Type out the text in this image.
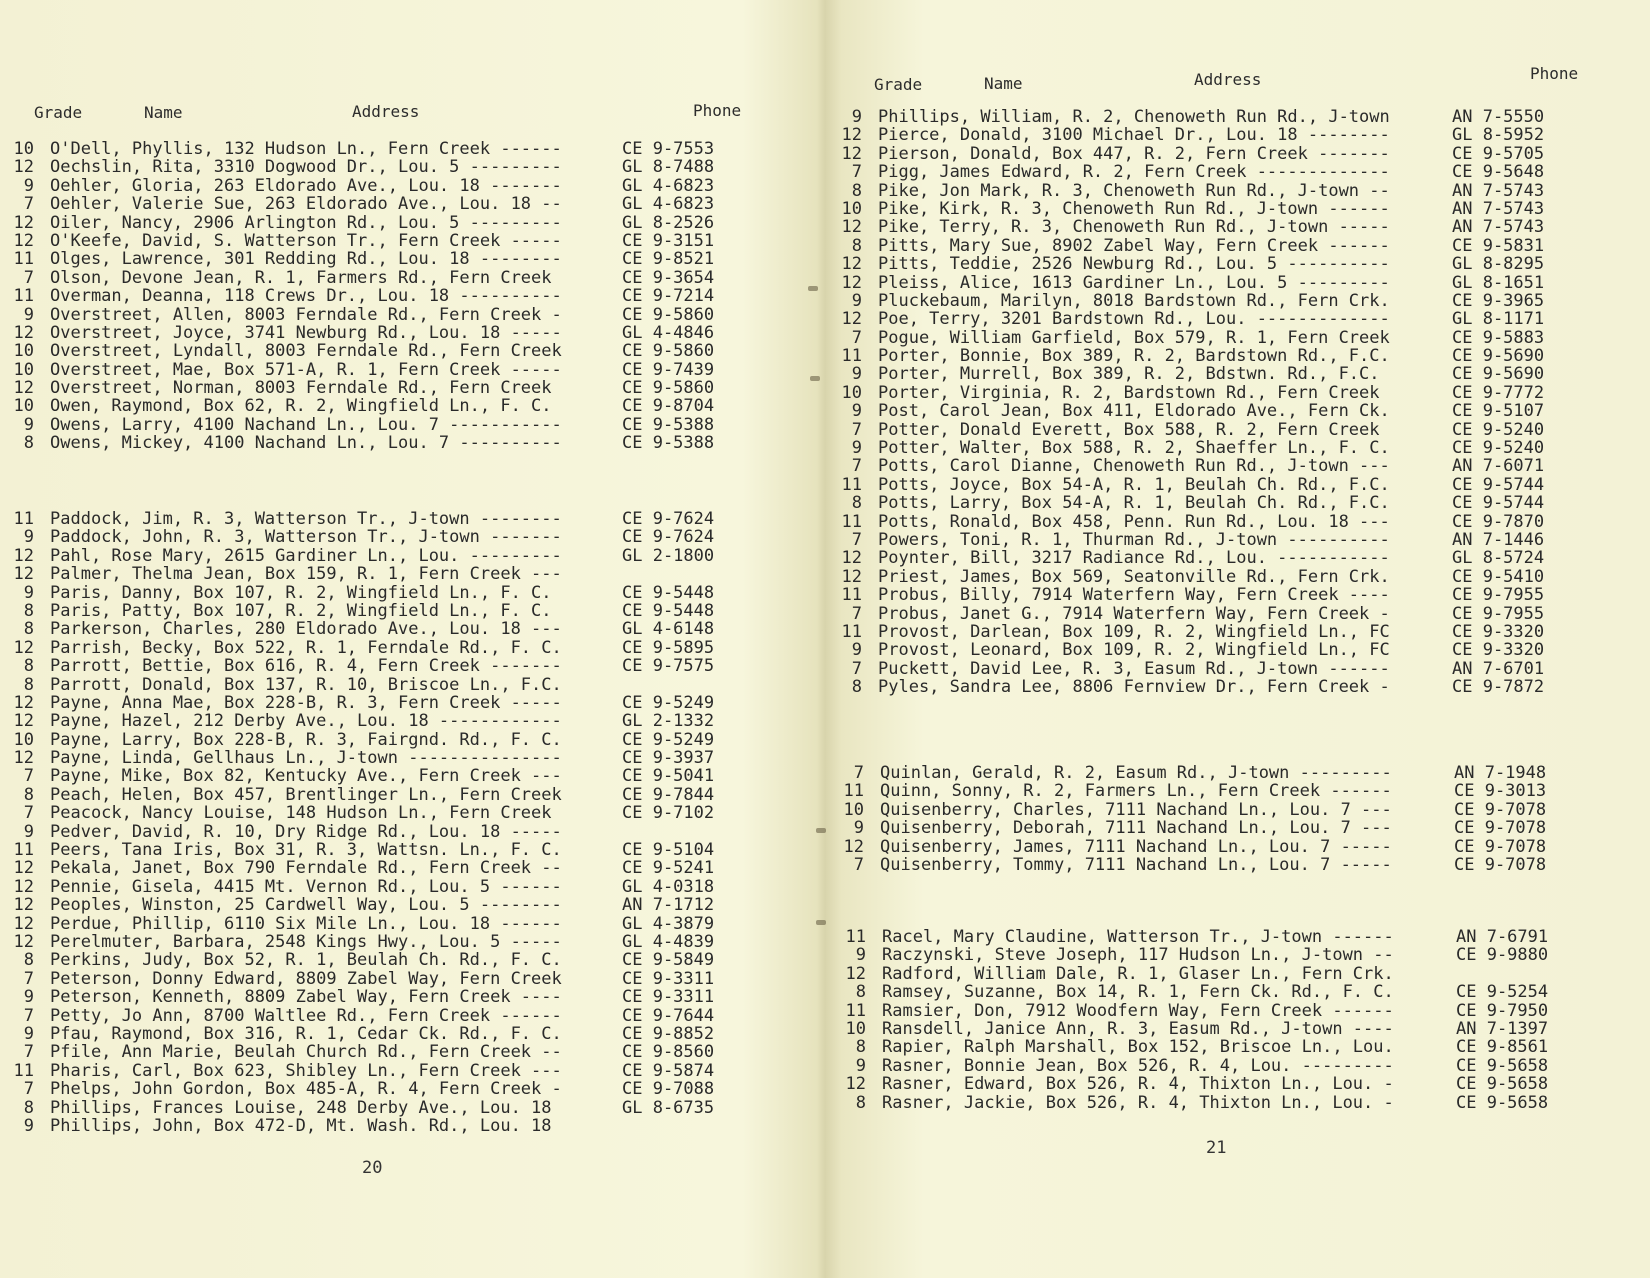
Grade	Name	Address	Phone
10 O'Dell, Phyllis, 132 Hudson Ln., Fern Creek ------	CE 9-7553
12 Oechslin, Rita, 3310 Dogwood Dr., Lou. 5 ---------	GL 8-7488
9 Oehler, Gloria, 263 Eldorado Ave., Lou. 18 -------	GL 4-6823
7 Oehler, Valerie Sue, 263 Eldorado Ave., Lou. 18 --	GL 4-6823
12 Oiler, Nancy, 2906 Arlington Rd., Lou. 5 ---------	GL 8-2526
12 O'Keefe, David, S. Watterson Tr., Fern Creek -----	CE 9-3151
11 Olges, Lawrence, 301 Redding Rd., Lou. 18 --------	CE 9-8521
7 Olson, Devone Jean, R. 1, Farmers Rd., Fern Creek	CE 9-3654
11 Overman, Deanna, 118 Crews Dr., Lou. 18 ----------	CE 9-7214
9 Overstreet, Allen, 8003 Ferndale Rd., Fern Creek -	CE 9-5860
12 Overstreet, Joyce, 3741 Newburg Rd., Lou. 18 -----	GL 4-4846
10 Overstreet, Lyndall, 8003 Ferndale Rd., Fern Creek	CE 9-5860
10 Overstreet, Mae, Box 571-A, R. 1, Fern Creek -----	CE 9-7439
12 Overstreet, Norman, 8003 Ferndale Rd., Fern Creek	CE 9-5860
10 Owen, Raymond, Box 62, R. 2, Wingfield Ln., F. C.	CE 9-8704
9 Owens, Larry, 4100 Nachand Ln., Lou. 7 -----------	CE 9-5388
8 Owens, Mickey, 4100 Nachand Ln., Lou. 7 ----------	CE 9-5388
11 Paddock, Jim, R. 3, Watterson Tr., J-town --------	CE 9-7624
9 Paddock, John, R. 3, Watterson Tr., J-town -------	CE 9-7624
12 Pahl, Rose Mary, 2615 Gardiner Ln., Lou. ---------	GL 2-1800
12 Palmer, Thelma Jean, Box 159, R. 1, Fern Creek ---
9 Paris, Danny, Box 107, R. 2, Wingfield Ln., F. C.	CE 9-5448
8 Paris, Patty, Box 107, R. 2, Wingfield Ln., F. C.	CE 9-5448
8 Parkerson, Charles, 280 Eldorado Ave., Lou. 18 ---	GL 4-6148
12 Parrish, Becky, Box 522, R. 1, Ferndale Rd., F. C.	CE 9-5895
8 Parrott, Bettie, Box 616, R. 4, Fern Creek -------	CE 9-7575
8 Parrott, Donald, Box 137, R. 10, Briscoe Ln., F.C.
12 Payne, Anna Mae, Box 228-B, R. 3, Fern Creek -----	CE 9-5249
12 Payne, Hazel, 212 Derby Ave., Lou. 18 ------------	GL 2-1332
10 Payne, Larry, Box 228-B, R. 3, Fairgnd. Rd., F. C.	CE 9-5249
12 Payne, Linda, Gellhaus Ln., J-town ---------------	CE 9-3937
7 Payne, Mike, Box 82, Kentucky Ave., Fern Creek ---	CE 9-5041
8 Peach, Helen, Box 457, Brentlinger Ln., Fern Creek	CE 9-7844
7 Peacock, Nancy Louise, 148 Hudson Ln., Fern Creek	CE 9-7102
9 Pedver, David, R. 10, Dry Ridge Rd., Lou. 18 -----
11 Peers, Tana Iris, Box 31, R. 3, Wattsn. Ln., F. C.	CE 9-5104
12 Pekala, Janet, Box 790 Ferndale Rd., Fern Creek --	CE 9-5241
12 Pennie, Gisela, 4415 Mt. Vernon Rd., Lou. 5 ------	GL 4-0318
12 Peoples, Winston, 25 Cardwell Way, Lou. 5 --------	AN 7-1712
12 Perdue, Phillip, 6110 Six Mile Ln., Lou. 18 ------	GL 4-3879
12 Perelmuter, Barbara, 2548 Kings Hwy., Lou. 5 -----	GL 4-4839
8 Perkins, Judy, Box 52, R. 1, Beulah Ch. Rd., F. C.	CE 9-5849
7 Peterson, Donny Edward, 8809 Zabel Way, Fern Creek	CE 9-3311
9 Peterson, Kenneth, 8809 Zabel Way, Fern Creek ----	CE 9-3311
7 Petty, Jo Ann, 8700 Waltlee Rd., Fern Creek ------	CE 9-7644
9 Pfau, Raymond, Box 316, R. 1, Cedar Ck. Rd., F. C.	CE 9-8852
7 Pfile, Ann Marie, Beulah Church Rd., Fern Creek --	CE 9-8560
11 Pharis, Carl, Box 623, Shibley Ln., Fern Creek ---	CE 9-5874
7 Phelps, John Gordon, Box 485-A, R. 4, Fern Creek -	CE 9-7088
8 Phillips, Frances Louise, 248 Derby Ave., Lou. 18	GL 8-6735
9 Phillips, John, Box 472-D, Mt. Wash. Rd., Lou. 18
20
Grade	Name	Address	Phone
9 Phillips, William, R. 2, Chenoweth Run Rd., J-town	AN 7-5550
12 Pierce, Donald, 3100 Michael Dr., Lou. 18 --------	GL 8-5952
12 Pierson, Donald, Box 447, R. 2, Fern Creek -------	CE 9-5705
7 Pigg, James Edward, R. 2, Fern Creek -------------	CE 9-5648
8 Pike, Jon Mark, R. 3, Chenoweth Run Rd., J-town --	AN 7-5743
10 Pike, Kirk, R. 3, Chenoweth Run Rd., J-town ------	AN 7-5743
12 Pike, Terry, R. 3, Chenoweth Run Rd., J-town -----	AN 7-5743
8 Pitts, Mary Sue, 8902 Zabel Way, Fern Creek ------	CE 9-5831
12 Pitts, Teddie, 2526 Newburg Rd., Lou. 5 ----------	GL 8-8295
12 Pleiss, Alice, 1613 Gardiner Ln., Lou. 5 ---------	GL 8-1651
9 Pluckebaum, Marilyn, 8018 Bardstown Rd., Fern Crk.	CE 9-3965
12 Poe, Terry, 3201 Bardstown Rd., Lou. -------------	GL 8-1171
7 Pogue, William Garfield, Box 579, R. 1, Fern Creek	CE 9-5883
11 Porter, Bonnie, Box 389, R. 2, Bardstown Rd., F.C.	CE 9-5690
9 Porter, Murrell, Box 389, R. 2, Bdstwn. Rd., F.C.	CE 9-5690
10 Porter, Virginia, R. 2, Bardstown Rd., Fern Creek	CE 9-7772
9 Post, Carol Jean, Box 411, Eldorado Ave., Fern Ck.	CE 9-5107
7 Potter, Donald Everett, Box 588, R. 2, Fern Creek	CE 9-5240
9 Potter, Walter, Box 588, R. 2, Shaeffer Ln., F. C.	CE 9-5240
7 Potts, Carol Dianne, Chenoweth Run Rd., J-town ---	AN 7-6071
11 Potts, Joyce, Box 54-A, R. 1, Beulah Ch. Rd., F.C.	CE 9-5744
8 Potts, Larry, Box 54-A, R. 1, Beulah Ch. Rd., F.C.	CE 9-5744
11 Potts, Ronald, Box 458, Penn. Run Rd., Lou. 18 ---	CE 9-7870
7 Powers, Toni, R. 1, Thurman Rd., J-town ----------	AN 7-1446
12 Poynter, Bill, 3217 Radiance Rd., Lou. -----------	GL 8-5724
12 Priest, James, Box 569, Seatonville Rd., Fern Crk.	CE 9-5410
11 Probus, Billy, 7914 Waterfern Way, Fern Creek ----	CE 9-7955
7 Probus, Janet G., 7914 Waterfern Way, Fern Creek -	CE 9-7955
11 Provost, Darlean, Box 109, R. 2, Wingfield Ln., FC	CE 9-3320
9 Provost, Leonard, Box 109, R. 2, Wingfield Ln., FC	CE 9-3320
7 Puckett, David Lee, R. 3, Easum Rd., J-town ------	AN 7-6701
8 Pyles, Sandra Lee, 8806 Fernview Dr., Fern Creek -	CE 9-7872
7 Quinlan, Gerald, R. 2, Easum Rd., J-town ---------	AN 7-1948
11 Quinn, Sonny, R. 2, Farmers Ln., Fern Creek ------	CE 9-3013
10 Quisenberry, Charles, 7111 Nachand Ln., Lou. 7 ---	CE 9-7078
9 Quisenberry, Deborah, 7111 Nachand Ln., Lou. 7 ---	CE 9-7078
12 Quisenberry, James, 7111 Nachand Ln., Lou. 7 -----	CE 9-7078
7 Quisenberry, Tommy, 7111 Nachand Ln., Lou. 7 -----	CE 9-7078
11 Racel, Mary Claudine, Watterson Tr., J-town ------	AN 7-6791
9 Raczynski, Steve Joseph, 117 Hudson Ln., J-town --	CE 9-9880
12 Radford, William Dale, R. 1, Glaser Ln., Fern Crk.
8 Ramsey, Suzanne, Box 14, R. 1, Fern Ck. Rd., F. C.	CE 9-5254
11 Ramsier, Don, 7912 Woodfern Way, Fern Creek ------	CE 9-7950
10 Ransdell, Janice Ann, R. 3, Easum Rd., J-town ----	AN 7-1397
8 Rapier, Ralph Marshall, Box 152, Briscoe Ln., Lou.	CE 9-8561
9 Rasner, Bonnie Jean, Box 526, R. 4, Lou. ---------	CE 9-5658
12 Rasner, Edward, Box 526, R. 4, Thixton Ln., Lou. -	CE 9-5658
8 Rasner, Jackie, Box 526, R. 4, Thixton Ln., Lou. -	CE 9-5658
21
